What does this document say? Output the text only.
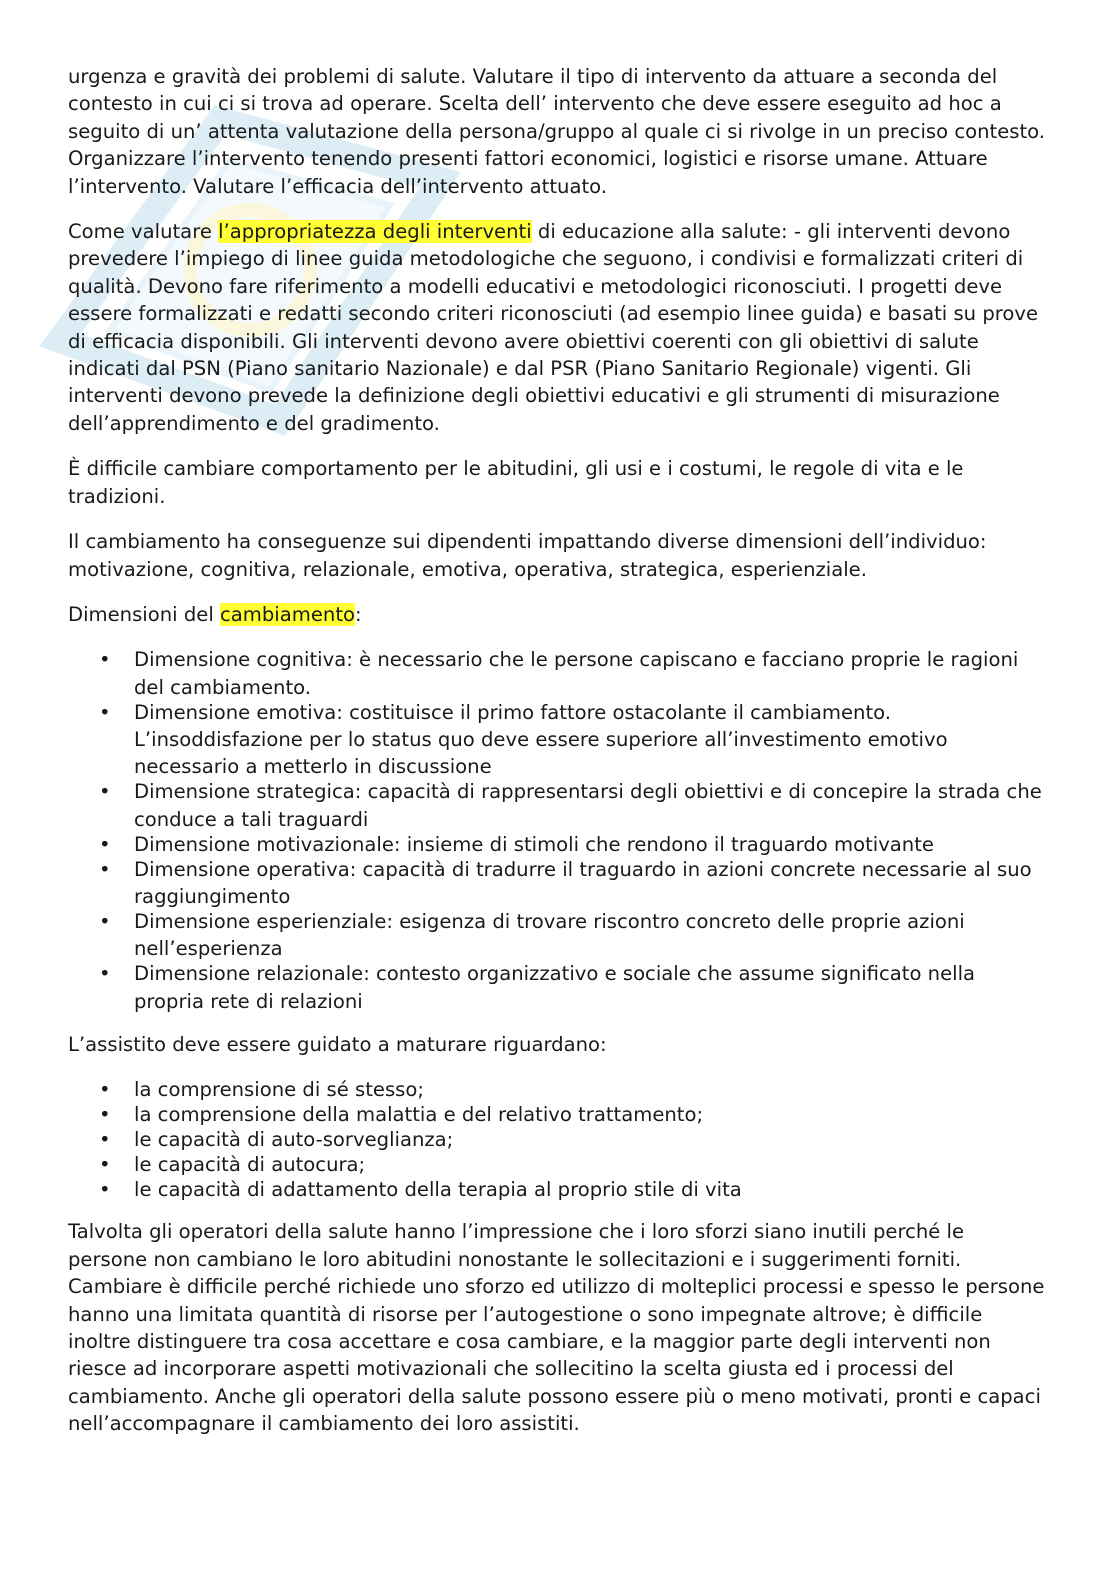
urgenza e gravità dei problemi di salute. Valutare il tipo di intervento da attuare a seconda del contesto in cui ci si trova ad operare. Scelta dell’ intervento che deve essere eseguito ad hoc a seguito di un’ attenta valutazione della persona/gruppo al quale ci si rivolge in un preciso contesto. Organizzare l’intervento tenendo presenti fattori economici, logistici e risorse umane. Attuare l’intervento. Valutare l’efficacia dell’intervento attuato.

Come valutare l’appropriatezza degli interventi di educazione alla salute: - gli interventi devono prevedere l’impiego di linee guida metodologiche che seguono, i condivisi e formalizzati criteri di qualità. Devono fare riferimento a modelli educativi e metodologici riconosciuti. I progetti deve essere formalizzati e redatti secondo criteri riconosciuti (ad esempio linee guida) e basati su prove di efficacia disponibili. Gli interventi devono avere obiettivi coerenti con gli obiettivi di salute indicati dal PSN (Piano sanitario Nazionale) e dal PSR (Piano Sanitario Regionale) vigenti. Gli interventi devono prevede la definizione degli obiettivi educativi e gli strumenti di misurazione dell’apprendimento e del gradimento.

È difficile cambiare comportamento per le abitudini, gli usi e i costumi, le regole di vita e le tradizioni.

Il cambiamento ha conseguenze sui dipendenti impattando diverse dimensioni dell’individuo: motivazione, cognitiva, relazionale, emotiva, operativa, strategica, esperienziale.

Dimensioni del cambiamento:

• Dimensione cognitiva: è necessario che le persone capiscano e facciano proprie le ragioni del cambiamento.
• Dimensione emotiva: costituisce il primo fattore ostacolante il cambiamento. L’insoddisfazione per lo status quo deve essere superiore all’investimento emotivo necessario a metterlo in discussione
• Dimensione strategica: capacità di rappresentarsi degli obiettivi e di concepire la strada che conduce a tali traguardi
• Dimensione motivazionale: insieme di stimoli che rendono il traguardo motivante
• Dimensione operativa: capacità di tradurre il traguardo in azioni concrete necessarie al suo raggiungimento
• Dimensione esperienziale: esigenza di trovare riscontro concreto delle proprie azioni nell’esperienza
• Dimensione relazionale: contesto organizzativo e sociale che assume significato nella propria rete di relazioni

L’assistito deve essere guidato a maturare riguardano:

• la comprensione di sé stesso;
• la comprensione della malattia e del relativo trattamento;
• le capacità di auto-sorveglianza;
• le capacità di autocura;
• le capacità di adattamento della terapia al proprio stile di vita

Talvolta gli operatori della salute hanno l’impressione che i loro sforzi siano inutili perché le persone non cambiano le loro abitudini nonostante le sollecitazioni e i suggerimenti forniti. Cambiare è difficile perché richiede uno sforzo ed utilizzo di molteplici processi e spesso le persone hanno una limitata quantità di risorse per l’autogestione o sono impegnate altrove; è difficile inoltre distinguere tra cosa accettare e cosa cambiare, e la maggior parte degli interventi non riesce ad incorporare aspetti motivazionali che sollecitino la scelta giusta ed i processi del cambiamento. Anche gli operatori della salute possono essere più o meno motivati, pronti e capaci nell’accompagnare il cambiamento dei loro assistiti.
